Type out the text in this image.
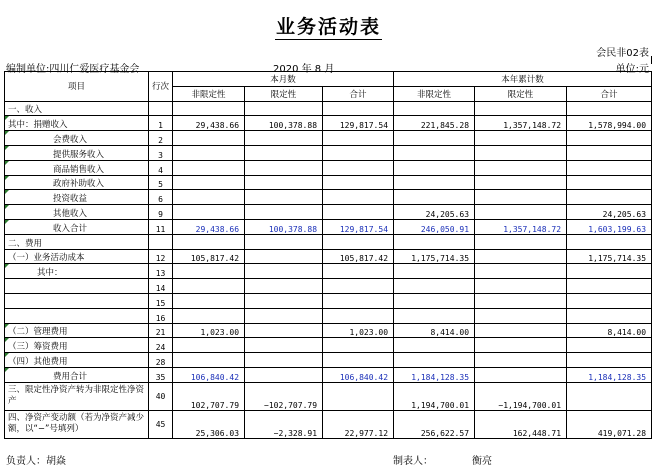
业务活动表
会民非02表
编制单位:四川仁爱医疗基金会	2020 年 8 月	单位:元
项目	行次	本月数			本年累计数		
		非限定性	限定性	合计	非限定性	限定性	合计
一、收入							
其中：捐赠收入	1	29,438.66	100,378.88	129,817.54	221,845.28	1,357,148.72	1,578,994.00
会费收入	2						
提供服务收入	3						
商品销售收入	4						
政府补助收入	5						
投资收益	6						
其他收入	9				24,205.63		24,205.63
收入合计	11	29,438.66	100,378.88	129,817.54	246,050.91	1,357,148.72	1,603,199.63
二、费用							
（一）业务活动成本	12	105,817.42		105,817.42	1,175,714.35		1,175,714.35
其中：	13						
	14						
	15						
	16						
（二）管理费用	21	1,023.00		1,023.00	8,414.00		8,414.00
（三）筹资费用	24						
（四）其他费用	28						
费用合计	35	106,840.42		106,840.42	1,184,128.35		1,184,128.35
三、限定性净资产转为非限定性净资产	40	102,707.79	−102,707.79		1,194,700.01	−1,194,700.01	
四、净资产变动额（若为净资产减少额，以“−”号填列）	45	25,306.03	−2,328.91	22,977.12	256,622.57	162,448.71	419,071.28
负责人：胡焱	制表人：	衡亮
